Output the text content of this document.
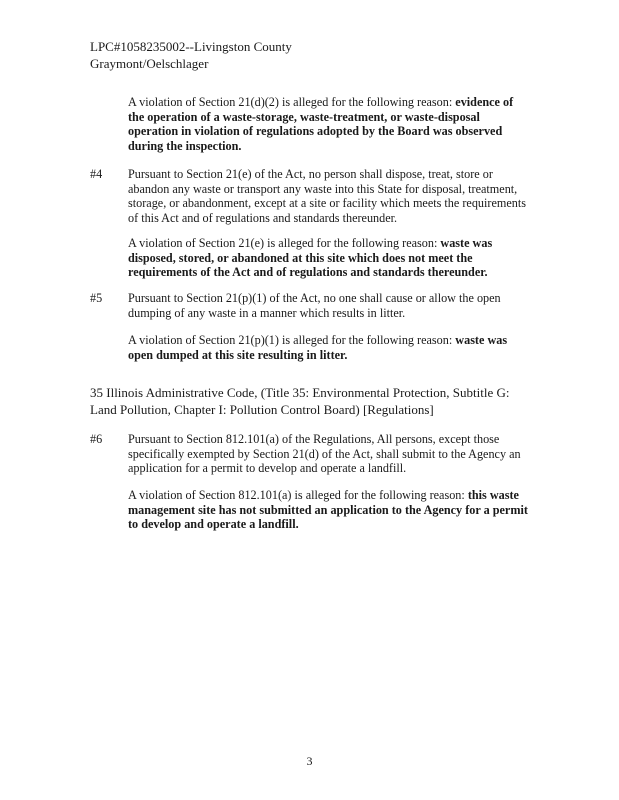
LPC#1058235002--Livingston County
Graymont/Oelschlager
A violation of Section 21(d)(2) is alleged for the following reason: evidence of the operation of a waste-storage, waste-treatment, or waste-disposal operation in violation of regulations adopted by the Board was observed during the inspection.
#4 Pursuant to Section 21(e) of the Act, no person shall dispose, treat, store or abandon any waste or transport any waste into this State for disposal, treatment, storage, or abandonment, except at a site or facility which meets the requirements of this Act and of regulations and standards thereunder.
A violation of Section 21(e) is alleged for the following reason: waste was disposed, stored, or abandoned at this site which does not meet the requirements of the Act and of regulations and standards thereunder.
#5 Pursuant to Section 21(p)(1) of the Act, no one shall cause or allow the open dumping of any waste in a manner which results in litter.
A violation of Section 21(p)(1) is alleged for the following reason: waste was open dumped at this site resulting in litter.
35 Illinois Administrative Code, (Title 35: Environmental Protection, Subtitle G: Land Pollution, Chapter I: Pollution Control Board) [Regulations]
#6 Pursuant to Section 812.101(a) of the Regulations, All persons, except those specifically exempted by Section 21(d) of the Act, shall submit to the Agency an application for a permit to develop and operate a landfill.
A violation of Section 812.101(a) is alleged for the following reason: this waste management site has not submitted an application to the Agency for a permit to develop and operate a landfill.
3
